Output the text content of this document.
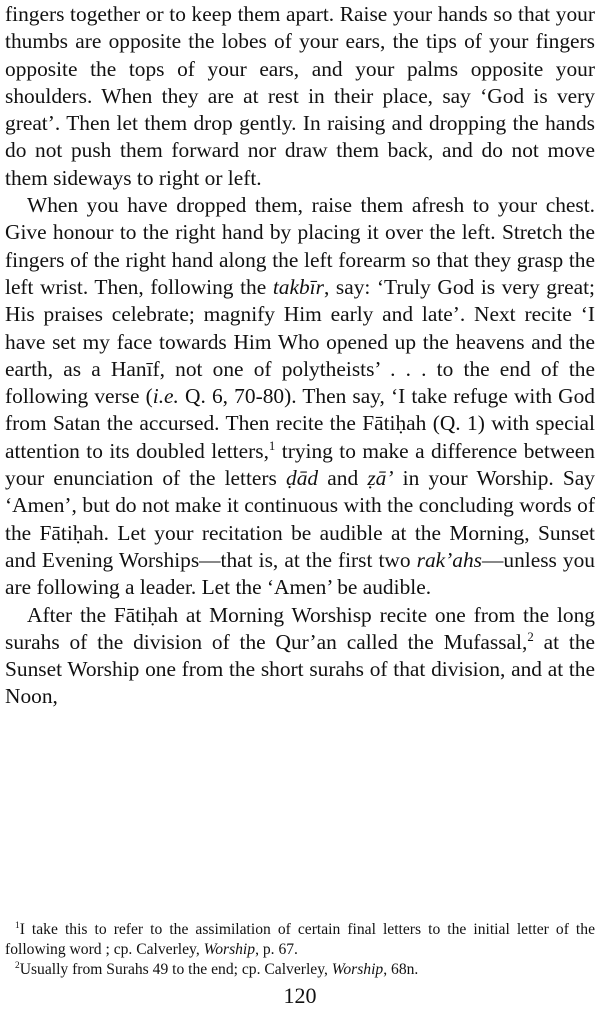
fingers together or to keep them apart. Raise your hands so that your thumbs are opposite the lobes of your ears, the tips of your fingers opposite the tops of your ears, and your palms opposite your shoulders. When they are at rest in their place, say ‘God is very great’. Then let them drop gently. In raising and dropping the hands do not push them forward nor draw them back, and do not move them sideways to right or left.

When you have dropped them, raise them afresh to your chest. Give honour to the right hand by placing it over the left. Stretch the fingers of the right hand along the left forearm so that they grasp the left wrist. Then, following the takbīr, say: ‘Truly God is very great; His praises celebrate; magnify Him early and late’. Next recite ‘I have set my face towards Him Who opened up the heavens and the earth, as a Hanīf, not one of polytheists’ . . . to the end of the following verse (i.e. Q. 6, 70-80). Then say, ‘I take refuge with God from Satan the accursed. Then recite the Fātiḥah (Q. 1) with special attention to its doubled letters,$^1$ trying to make a difference between your enunciation of the letters ḍād and ẓā’ in your Worship. Say ‘Amen’, but do not make it continuous with the concluding words of the Fātiḥah. Let your recitation be audible at the Morning, Sunset and Evening Worships—that is, at the first two rak’ahs—unless you are following a leader. Let the ‘Amen’ be audible.

After the Fātiḥah at Morning Worshisp recite one from the long surahs of the division of the Qur’an called the Mufassal,$^2$ at the Sunset Worship one from the short surahs of that division, and at the Noon,

$^1$I take this to refer to the assimilation of certain final letters to the initial letter of the following word ; cp. Calverley, Worship, p. 67.

$^2$Usually from Surahs 49 to the end; cp. Calverley, Worship, 68n.

120
